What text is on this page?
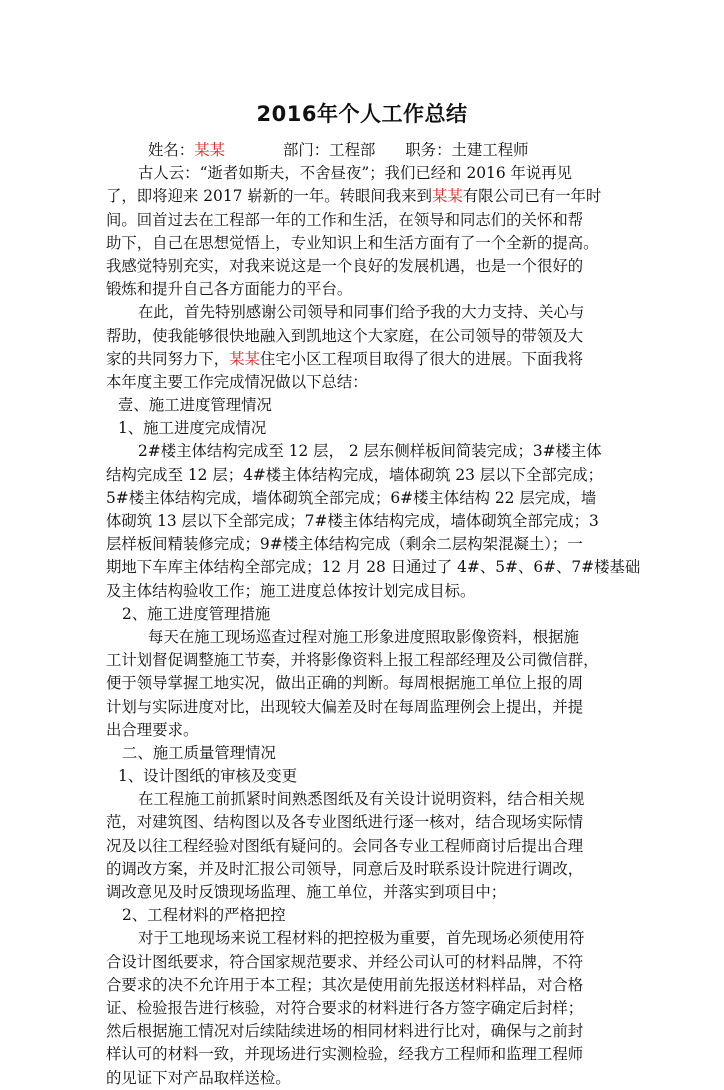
2016年个人工作总结
姓名：某某	部门：工程部 职务：土建工程师
古人云：“逝者如斯夫，不舍昼夜”；我们已经和 2016 年说再见
了，即将迎来 2017 崭新的一年。转眼间我来到某某有限公司已有一年时
间。回首过去在工程部一年的工作和生活，在领导和同志们的关怀和帮
助下，自己在思想觉悟上，专业知识上和生活方面有了一个全新的提高。
我感觉特别充实，对我来说这是一个良好的发展机遇，也是一个很好的
锻炼和提升自己各方面能力的平台。
在此，首先特别感谢公司领导和同事们给予我的大力支持、关心与
帮助，使我能够很快地融入到凯地这个大家庭，在公司领导的带领及大
家的共同努力下，某某住宅小区工程项目取得了很大的进展。下面我将
本年度主要工作完成情况做以下总结：
壹、施工进度管理情况
1、施工进度完成情况
2#楼主体结构完成至 12 层， 2 层东侧样板间简装完成；3#楼主体
结构完成至 12 层；4#楼主体结构完成，墙体砌筑 23 层以下全部完成；
5#楼主体结构完成，墙体砌筑全部完成；6#楼主体结构 22 层完成，墙
体砌筑 13 层以下全部完成；7#楼主体结构完成，墙体砌筑全部完成；3
层样板间精装修完成；9#楼主体结构完成（剩余二层构架混凝土）；一
期地下车库主体结构全部完成；12 月 28 日通过了 4#、5#、6#、7#楼基础
及主体结构验收工作；施工进度总体按计划完成目标。
2、施工进度管理措施
每天在施工现场巡查过程对施工形象进度照取影像资料，根据施
工计划督促调整施工节奏，并将影像资料上报工程部经理及公司微信群，
便于领导掌握工地实况，做出正确的判断。每周根据施工单位上报的周
计划与实际进度对比，出现较大偏差及时在每周监理例会上提出，并提
出合理要求。
二、施工质量管理情况
1、设计图纸的审核及变更
在工程施工前抓紧时间熟悉图纸及有关设计说明资料，结合相关规
范，对建筑图、结构图以及各专业图纸进行逐一核对，结合现场实际情
况及以往工程经验对图纸有疑问的。会同各专业工程师商讨后提出合理
的调改方案，并及时汇报公司领导，同意后及时联系设计院进行调改，
调改意见及时反馈现场监理、施工单位，并落实到项目中；
2、工程材料的严格把控
对于工地现场来说工程材料的把控极为重要，首先现场必须使用符
合设计图纸要求，符合国家规范要求、并经公司认可的材料品牌，不符
合要求的决不允许用于本工程；其次是使用前先报送材料样品，对合格
证、检验报告进行核验，对符合要求的材料进行各方签字确定后封样；
然后根据施工情况对后续陆续进场的相同材料进行比对，确保与之前封
样认可的材料一致，并现场进行实测检验，经我方工程师和监理工程师
的见证下对产品取样送检。
